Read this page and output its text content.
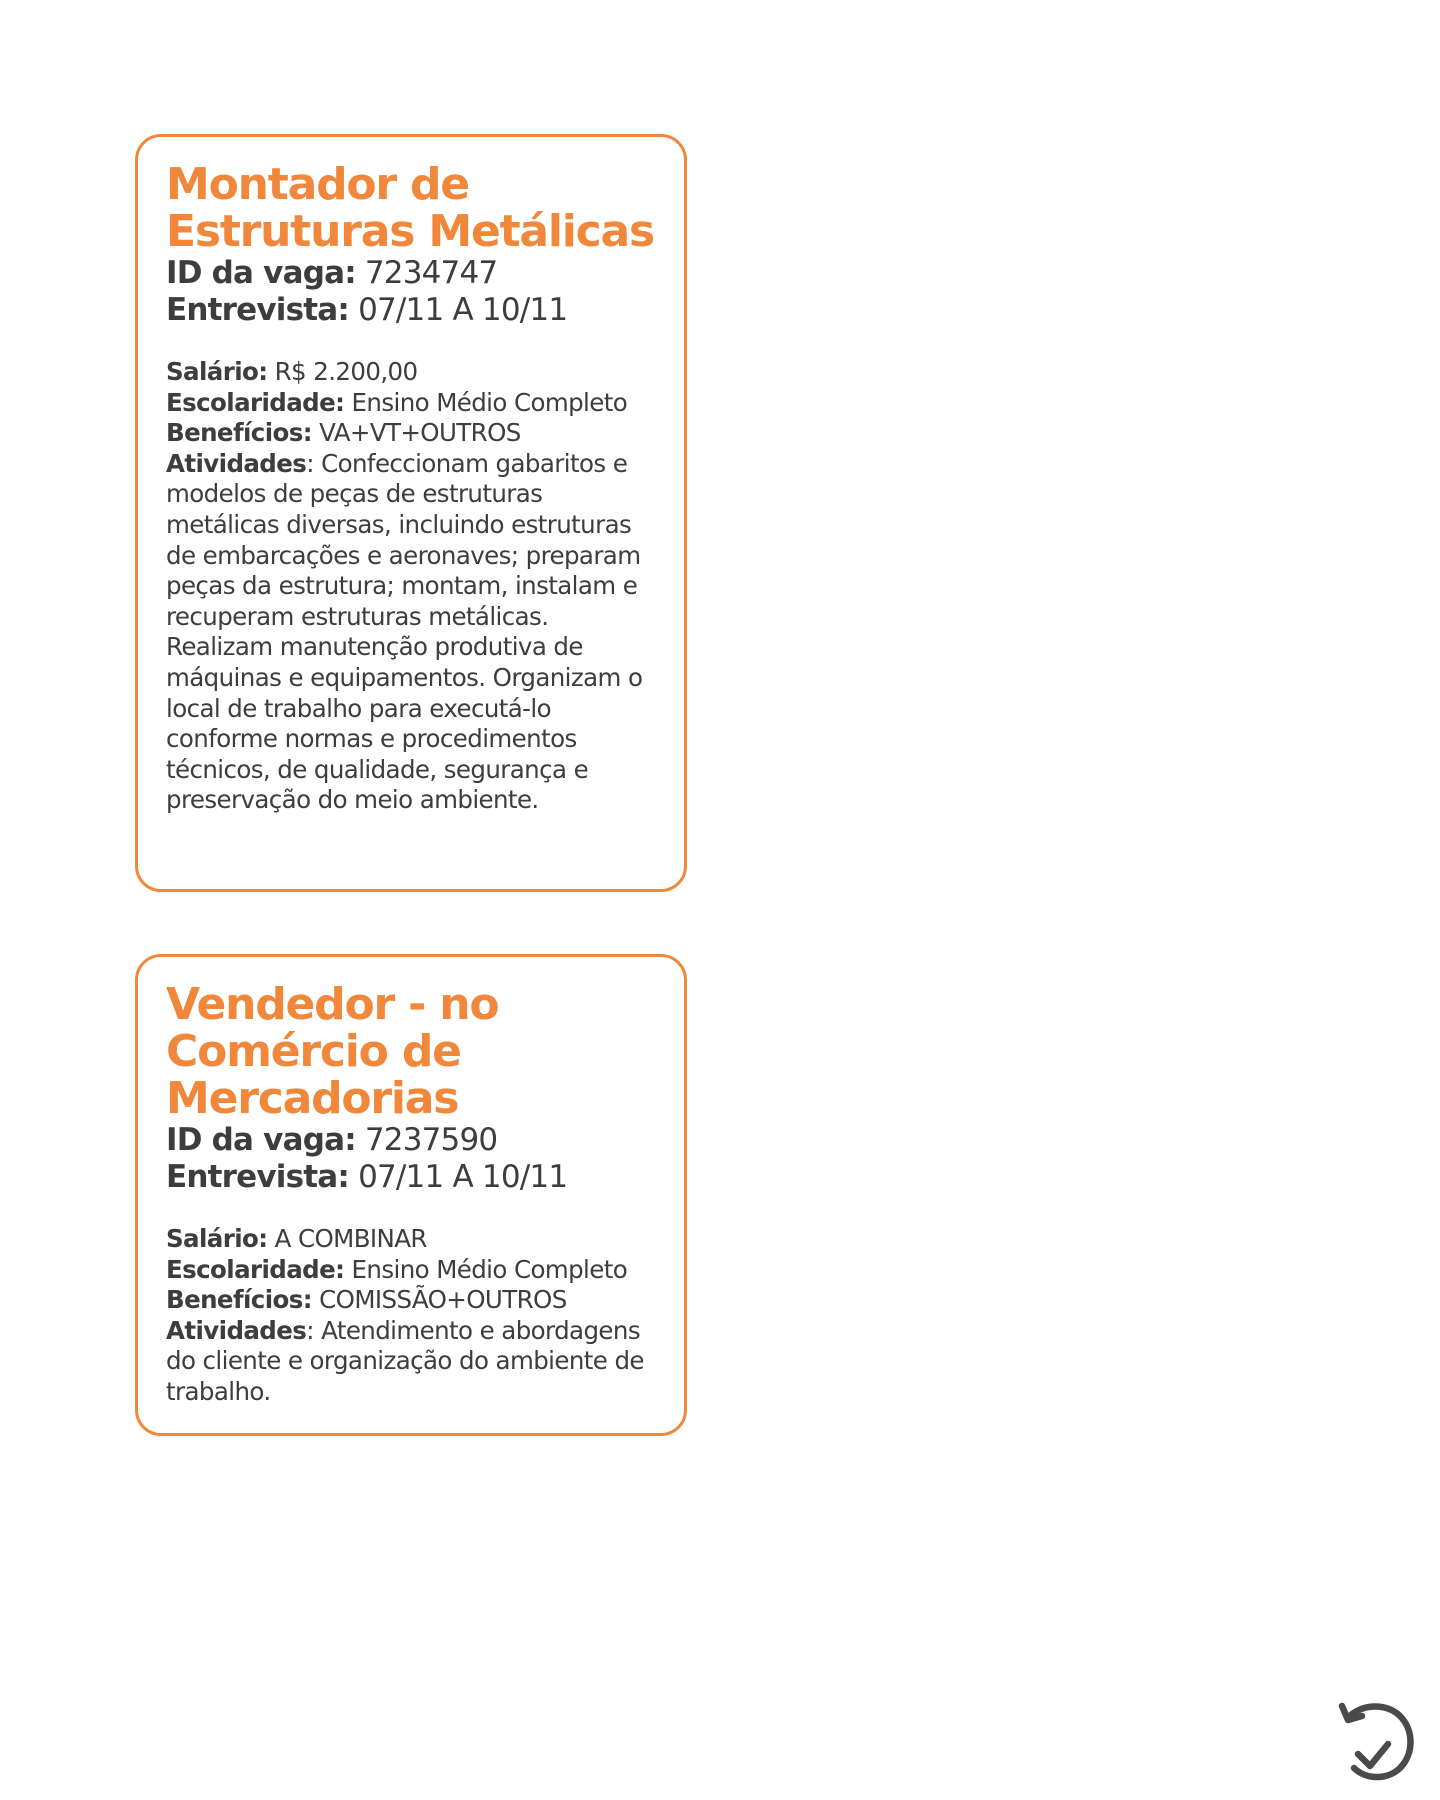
Montador de Estruturas Metálicas
ID da vaga: 7234747
Entrevista: 07/11 A 10/11
Salário: R$ 2.200,00
Escolaridade: Ensino Médio Completo
Benefícios: VA+VT+OUTROS
Atividades: Confeccionam gabaritos e modelos de peças de estruturas metálicas diversas, incluindo estruturas de embarcações e aeronaves; preparam peças da estrutura; montam, instalam e recuperam estruturas metálicas. Realizam manutenção produtiva de máquinas e equipamentos. Organizam o local de trabalho para executá-lo conforme normas e procedimentos técnicos, de qualidade, segurança e preservação do meio ambiente.
Vendedor - no Comércio de Mercadorias
ID da vaga: 7237590
Entrevista: 07/11 A 10/11
Salário: A COMBINAR
Escolaridade: Ensino Médio Completo
Benefícios: COMISSÃO+OUTROS
Atividades: Atendimento e abordagens do cliente e organização do ambiente de trabalho.
